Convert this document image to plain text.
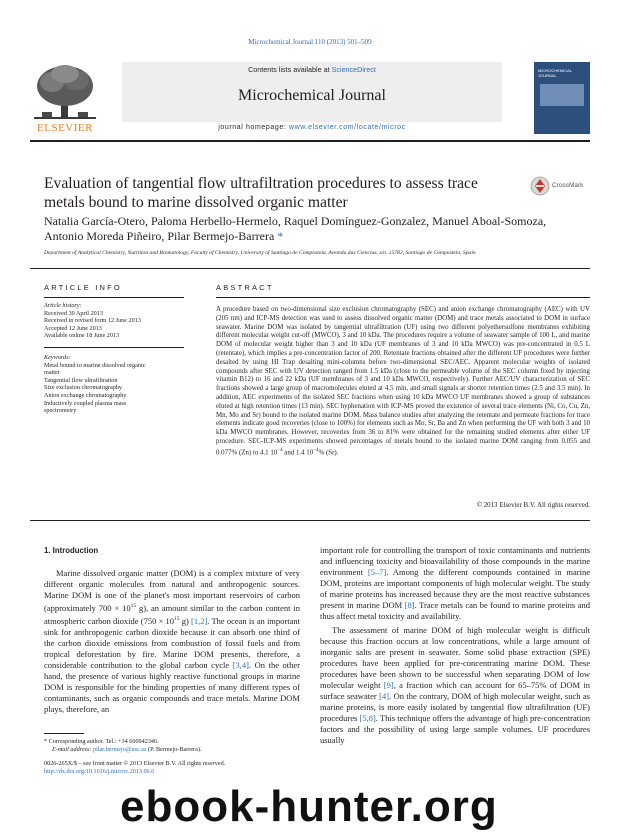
Microchemical Journal 110 (2013) 501–509
ELSEVIER
Contents lists available at ScienceDirect
Microchemical Journal
journal homepage: www.elsevier.com/locate/microc
MICROCHEMICAL JOURNAL
Evaluation of tangential flow ultrafiltration procedures to assess trace metals bound to marine dissolved organic matter
CrossMark
Natalia García-Otero, Paloma Herbello-Hermelo, Raquel Domínguez-Gonzalez, Manuel Aboal-Somoza,
Antonio Moreda Piñeiro, Pilar Bermejo-Barrera *
Department of Analytical Chemistry, Nutrition and Bromatology, Faculty of Chemistry, University of Santiago de Compostela, Avenida das Ciencias, s/n. 15782, Santiago de Compostela, Spain
ARTICLE INFO
Article history:
Received 30 April 2013
Received in revised form 12 June 2013
Accepted 12 June 2013
Available online 18 June 2013
Keywords:
Metal bound to marine dissolved organic
matter
Tangential flow ultrafiltration
Size exclusion chromatography
Anion exchange chromatography
Inductively coupled plasma mass
spectrometry
ABSTRACT
A procedure based on two-dimensional size exclusion chromatography (SEC) and anion exchange chromatography (AEC) with UV (205 nm) and ICP-MS detection was used to assess dissolved organic matter (DOM) and trace metals associated to DOM in surface seawater. Marine DOM was isolated by tangential ultrafiltration (UF) using two different polyethersulfone membranes exhibiting different molecular weight cut-off (MWCO), 3 and 10 kDa. The procedures require a volume of seawater sample of 100 L, and marine DOM of molecular weight higher than 3 and 10 kDa (UF membranes of 3 and 10 kDa MWCO) was pre-concentrated in 0.5 L (retentate), which implies a pre-concentration factor of 200. Retentate fractions obtained after the different UF procedures were further desalted by using HI Trap desalting mini-columns before two-dimensional SEC/AEC. Apparent molecular weights of isolated compounds after SEC with UV detection ranged from 1.5 kDa (close to the permeable volume of the SEC column fixed by injecting vitamin B12) to 16 and 22 kDa (UF membranes of 3 and 10 kDa MWCO, respectively). Further AEC/UV characterization of SEC fractions showed a large group of macromolecules eluted at 4.5 min, and small signals at shorter retention times (2.5 and 3.5 min). In addition, AEC experiments of the isolated SEC fractions when using 10 kDa MWCO UF membranes showed a group of substances eluted at high retention times (13 min). SEC hyphenation with ICP-MS proved the existence of several trace elements (Ni, Co, Cu, Zn, Mn, Mo and Sr) bound to the isolated marine DOM. Mass balance studies after analyzing the retentate and permeate fractions for trace elements indicate good recoveries (close to 100%) for elements such as Mo, Sr, Ba and Zn when performing the UF with both 3 and 10 kDa MWCO membranes. However, recoveries from 36 to 81% were obtained for the remaining studied elements after either UF procedure. SEC-ICP-MS experiments showed percentages of metals bound to the isolated marine DOM ranging from 0.055 and 0.077% (Zn) to 4.1 $10^{-4}$ and 1.4 $10^{-4}\%$ (Sr).
© 2013 Elsevier B.V. All rights reserved.

1. Introduction

Marine dissolved organic matter (DOM) is a complex mixture of very different organic molecules from natural and anthropogenic sources. Marine DOM is one of the planet's most important reservoirs of carbon (approximately $700 \times 10^{15}$ g), an amount similar to the carbon content in atmospheric carbon dioxide ($750 \times 10^{15}$ g) [1,2]. The ocean is an important sink for anthropogenic carbon dioxide because it can absorb one third of the carbon dioxide emissions from combustion of fossil fuels and from tropical deforestation by fire. Marine DOM presents, therefore, a considerable contribution to the global carbon cycle [3,4]. On the other hand, the presence of various highly reactive functional groups in marine DOM is responsible for the binding properties of many different types of contaminants, such as organic compounds and trace metals. Marine DOM plays, therefore, an

important role for controlling the transport of toxic contaminants and nutrients and influencing toxicity and bioavailability of those compounds in the marine environment [5–7]. Among the different compounds contained in marine DOM, proteins are important components of high molecular weight. The study of marine proteins has increased because they are the most reactive substances present in marine DOM [8]. Trace metals can be found to marine proteins and thus affect metal toxicity and availability.

The assessment of marine DOM of high molecular weight is difficult because this fraction occurs at low concentrations, while a large amount of inorganic salts are present in seawater. Some solid phase extraction (SPE) procedures have been applied for pre-concentrating marine DOM. These procedures have been shown to be successful when separating DOM of low molecular weight [9], a fraction which can account for 65–75% of DOM in surface seawater [4]. On the contrary, DOM of high molecular weight, such as marine proteins, is more easily isolated by tangential flow ultrafiltration (UF) procedures [5,8]. This technique offers the advantage of high pre-concentration factors and the possibility of using large sample volumes. UF procedures usually

* Corresponding author. Tel.: +34 600942346.
E-mail address: pilar.bermejo@usc.es (P. Bermejo-Barrera).
0026-265X/$ – see front matter © 2013 Elsevier B.V. All rights reserved.
http://dx.doi.org/10.1016/j.microc.2013.06.0
ebook-hunter.org
